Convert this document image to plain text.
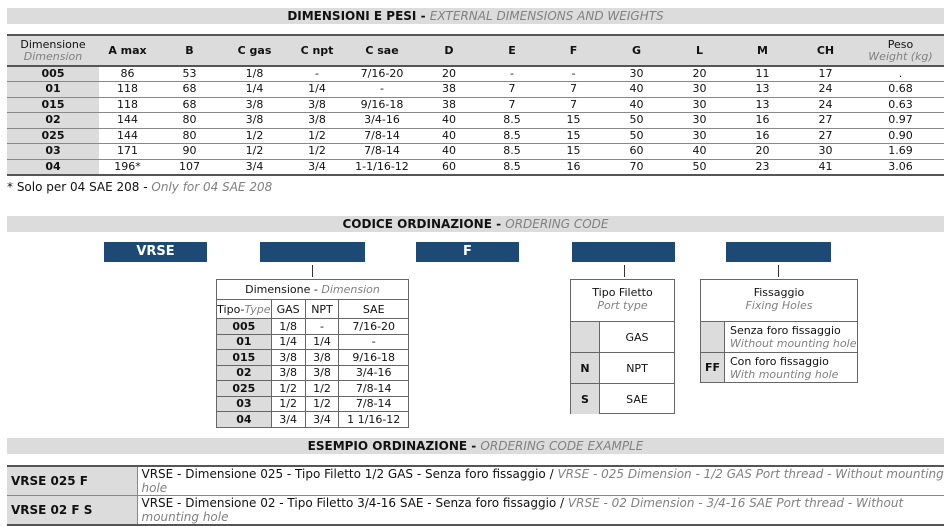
DIMENSIONI E PESI - EXTERNAL DIMENSIONS AND WEIGHTS
Dimensione
Dimension	A max	B	C gas	C npt	C sae	D	E	F	G	L	M	CH	Peso
Weight (kg)

005	86	53	1/8	-	7/16-20	20	-	-	30	20	11	17	.
01	118	68	1/4	1/4	-	38	7	7	40	30	13	24	0.68
015	118	68	3/8	3/8	9/16-18	38	7	7	40	30	13	24	0.63
02	144	80	3/8	3/8	3/4-16	40	8.5	15	50	30	16	27	0.97
025	144	80	1/2	1/2	7/8-14	40	8.5	15	50	30	16	27	0.90
03	171	90	1/2	1/2	7/8-14	40	8.5	15	60	40	20	30	1.69
04	196*	107	3/4	3/4	1-1/16-12	60	8.5	16	70	50	23	41	3.06
* Solo per 04 SAE 208 - Only for 04 SAE 208
CODICE ORDINAZIONE - ORDERING CODE
VRSE	F
Dimensione - Dimension			
Tipo-Type	GAS	NPT	SAE
005	1/8	-	7/16-20
01	1/4	1/4	-
015	3/8	3/8	9/16-18
02	3/8	3/8	3/4-16
025	1/2	1/2	7/8-14
03	1/2	1/2	7/8-14
04	3/4	3/4	1 1/16-12
Tipo Filetto
Port type
GAS
N	NPT
S	SAE
Fissaggio
Fixing Holes
Senza foro fissaggio
Without mounting hole
FF Con foro fissaggio
With mounting hole
ESEMPIO ORDINAZIONE - ORDERING CODE EXAMPLE
VRSE 025 F	VRSE - Dimensione 025 - Tipo Filetto 1/2 GAS - Senza foro fissaggio / VRSE - 025 Dimension - 1/2 GAS Port thread - Without mounting hole
VRSE 02 F S	VRSE - Dimensione 02 - Tipo Filetto 3/4-16 SAE - Senza foro fissaggio / VRSE - 02 Dimension - 3/4-16 SAE Port thread - Without mounting hole
